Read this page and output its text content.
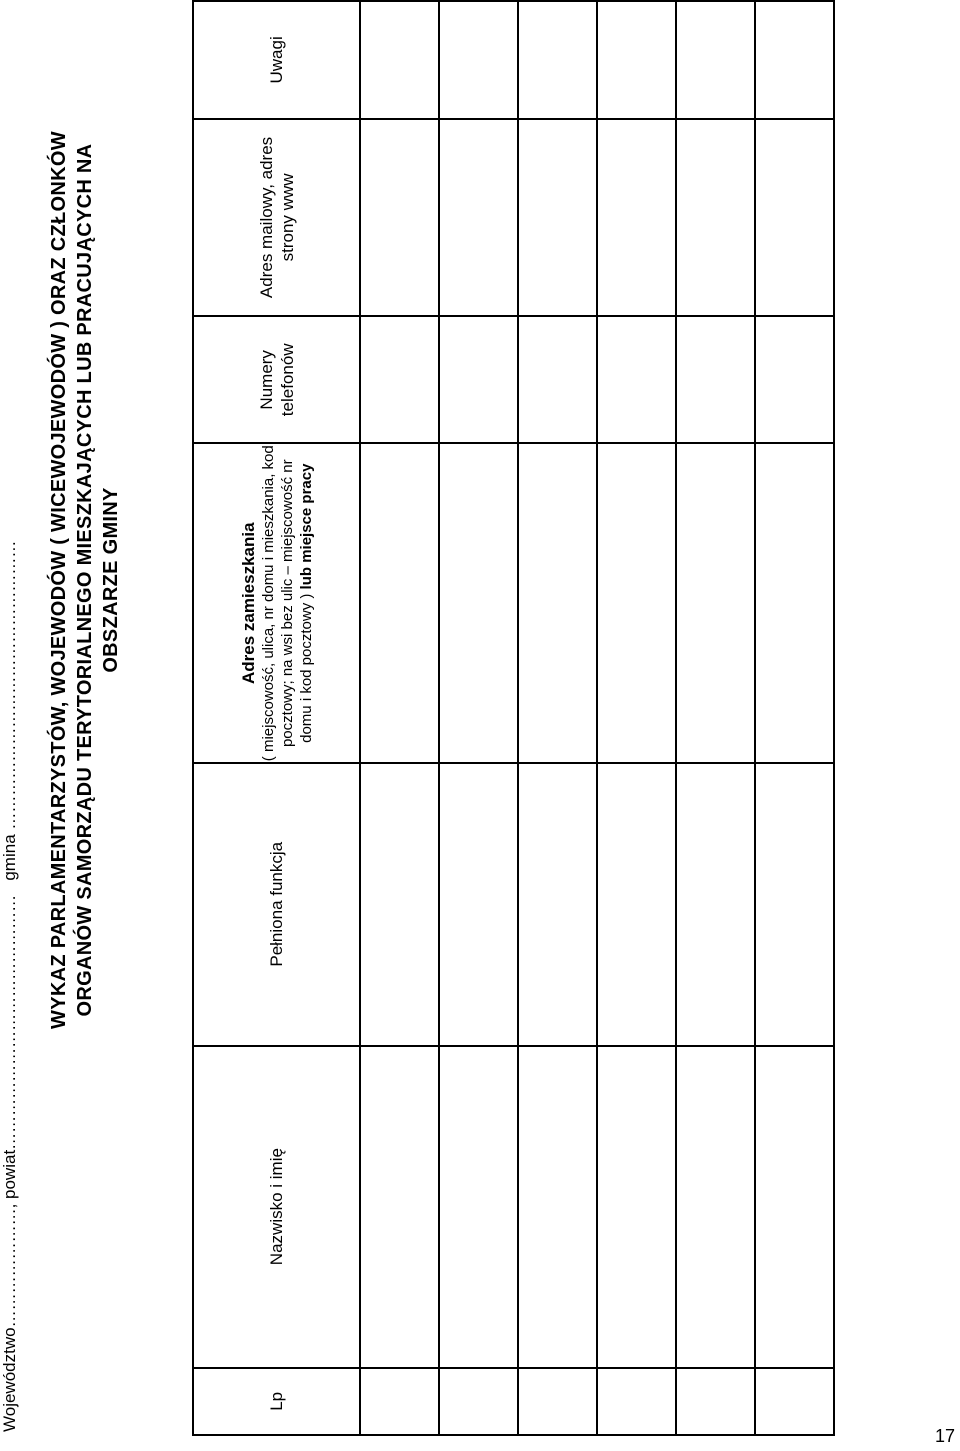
Województwo…………………, powiat………………………………………   gmina …………………………………………… WYKAZ PARLAMENTARZYSTÓW, WOJEWODÓW ( WICEWOJEWODÓW ) ORAZ CZŁONKÓW ORGANÓW SAMORZĄDU TERYTORIALNEGO MIESZKAJĄCYCH LUB PRACUJĄCYCH NA OBSZARZE GMINY
Lp	Nazwisko i imię	Pełniona funkcja	Adres zamieszkania ( miejscowość, ulica, nr domu i mieszkania, kod pocztowy; na wsi bez ulic – miejscowość nr domu i kod pocztowy ) lub miejsce pracy	Numery telefonów	Adres mailowy, adres strony www	Uwagi

17
